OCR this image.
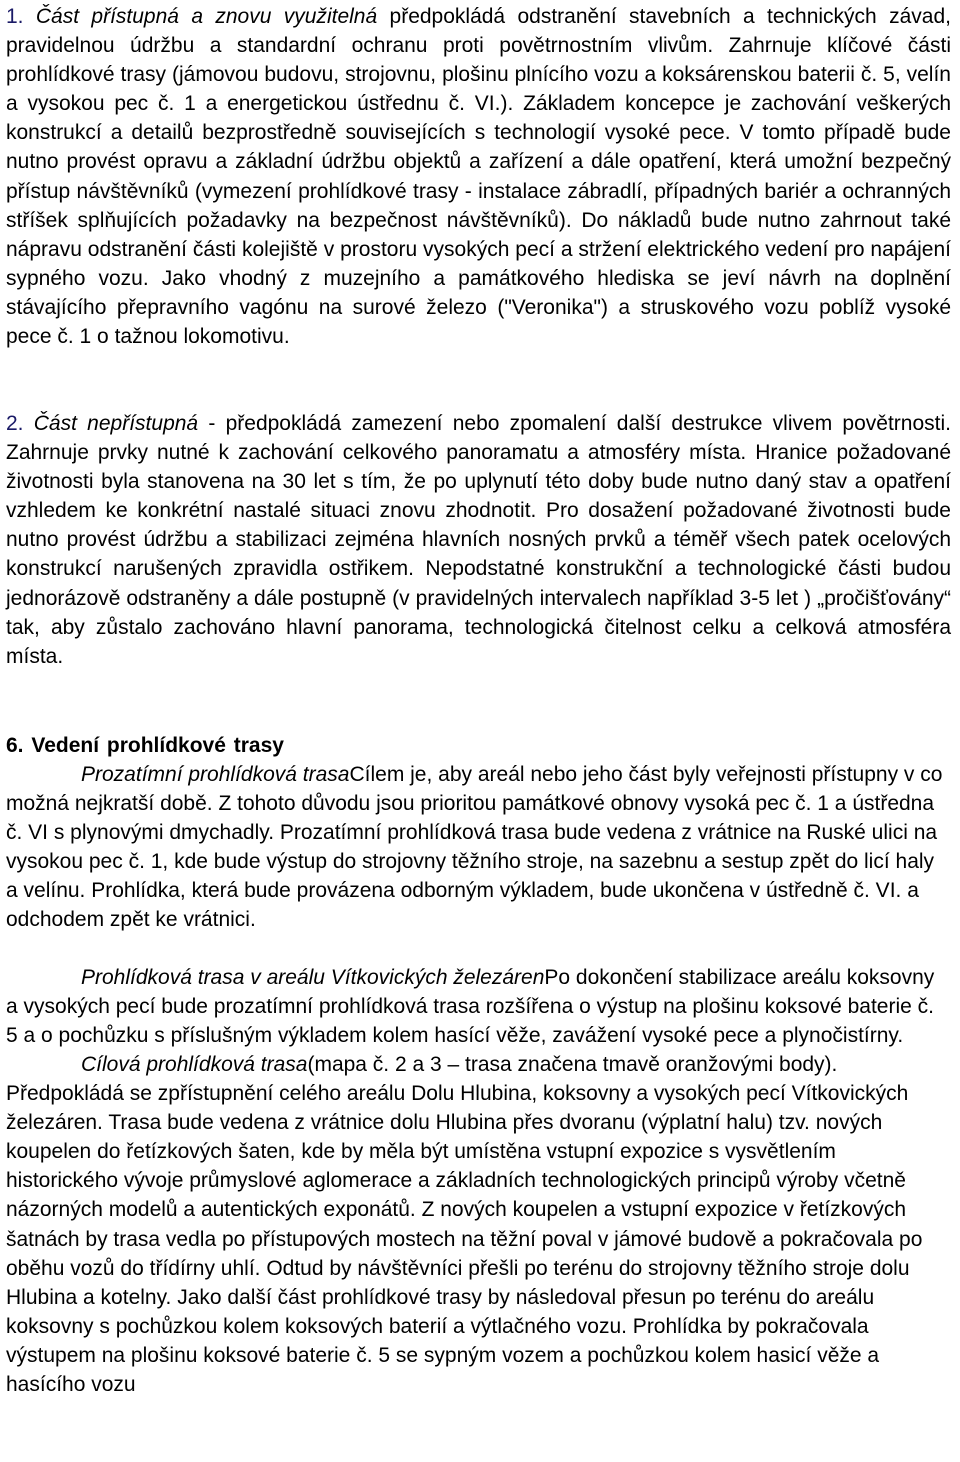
1. Část přístupná a znovu využitelná předpokládá odstranění stavebních a technických závad, pravidelnou údržbu a standardní ochranu proti povětrnostním vlivům. Zahrnuje klíčové části prohlídkové trasy (jámovou budovu, strojovnu, plošinu plnícího vozu a koksárenskou baterii č. 5, velín a vysokou pec č. 1 a energetickou ústřednu č. VI.). Základem koncepce je zachování veškerých konstrukcí a detailů bezprostředně souvisejících s technologií vysoké pece. V tomto případě bude nutno provést opravu a základní údržbu objektů a zařízení a dále opatření, která umožní bezpečný přístup návštěvníků (vymezení prohlídkové trasy - instalace zábradlí, případných bariér a ochranných stříšek splňujících požadavky na bezpečnost návštěvníků). Do nákladů bude nutno zahrnout také nápravu odstranění části kolejiště v prostoru vysokých pecí a stržení elektrického vedení pro napájení sypného vozu. Jako vhodný z muzejního a památkového hlediska se jeví návrh na doplnění stávajícího přepravního vagónu na surové železo ("Veronika") a struskového vozu poblíž vysoké pece č. 1 o tažnou lokomotivu.

2. Část nepřístupná - předpokládá zamezení nebo zpomalení další destrukce vlivem povětrnosti. Zahrnuje prvky nutné k zachování celkového panoramatu a atmosféry místa. Hranice požadované životnosti byla stanovena na 30 let s tím, že po uplynutí této doby bude nutno daný stav a opatření vzhledem ke konkrétní nastalé situaci znovu zhodnotit. Pro dosažení požadované životnosti bude nutno provést údržbu a stabilizaci zejména hlavních nosných prvků a téměř všech patek ocelových konstrukcí narušených zpravidla ostřikem. Nepodstatné konstrukční a technologické části budou jednorázově odstraněny a dále postupně (v pravidelných intervalech například 3-5 let ) „pročišťovány“ tak, aby zůstalo zachováno hlavní panorama, technologická čitelnost celku a celková atmosféra místa.

6. Vedení prohlídkové trasy

Prozatímní prohlídková trasaCílem je, aby areál nebo jeho část byly veřejnosti přístupny v co možná nejkratší době. Z tohoto důvodu jsou prioritou památkové obnovy vysoká pec č. 1 a ústředna č. VI s plynovými dmychadly. Prozatímní prohlídková trasa bude vedena z vrátnice na Ruské ulici na vysokou pec č. 1, kde bude výstup do strojovny těžního stroje, na sazebnu a sestup zpět do licí haly a velínu. Prohlídka, která bude provázena odborným výkladem, bude ukončena v ústředně č. VI. a odchodem zpět ke vrátnici.

Prohlídková trasa v areálu Vítkovických železárenPo dokončení stabilizace areálu koksovny a vysokých pecí bude prozatímní prohlídková trasa rozšířena o výstup na plošinu koksové baterie č. 5 a o pochůzku s příslušným výkladem kolem hasící věže, zavážení vysoké pece a plynočistírny.

Cílová prohlídková trasa(mapa č. 2 a 3 – trasa značena tmavě oranžovými body). Předpokládá se zpřístupnění celého areálu Dolu Hlubina, koksovny a vysokých pecí Vítkovických železáren. Trasa bude vedena z vrátnice dolu Hlubina přes dvoranu (výplatní halu) tzv. nových koupelen do řetízkových šaten, kde by měla být umístěna vstupní expozice s vysvětlením historického vývoje průmyslové aglomerace a základních technologických principů výroby včetně názorných modelů a autentických exponátů. Z nových koupelen a vstupní expozice v řetízkových šatnách by trasa vedla po přístupových mostech na těžní poval v jámové budově a pokračovala po oběhu vozů do třídírny uhlí. Odtud by návštěvníci přešli po terénu do strojovny těžního stroje dolu Hlubina a kotelny. Jako další část prohlídkové trasy by následoval přesun po terénu do areálu koksovny s pochůzkou kolem koksových baterií a výtlačného vozu. Prohlídka by pokračovala výstupem na plošinu koksové baterie č. 5 se sypným vozem a pochůzkou kolem hasicí věže a hasícího vozu
